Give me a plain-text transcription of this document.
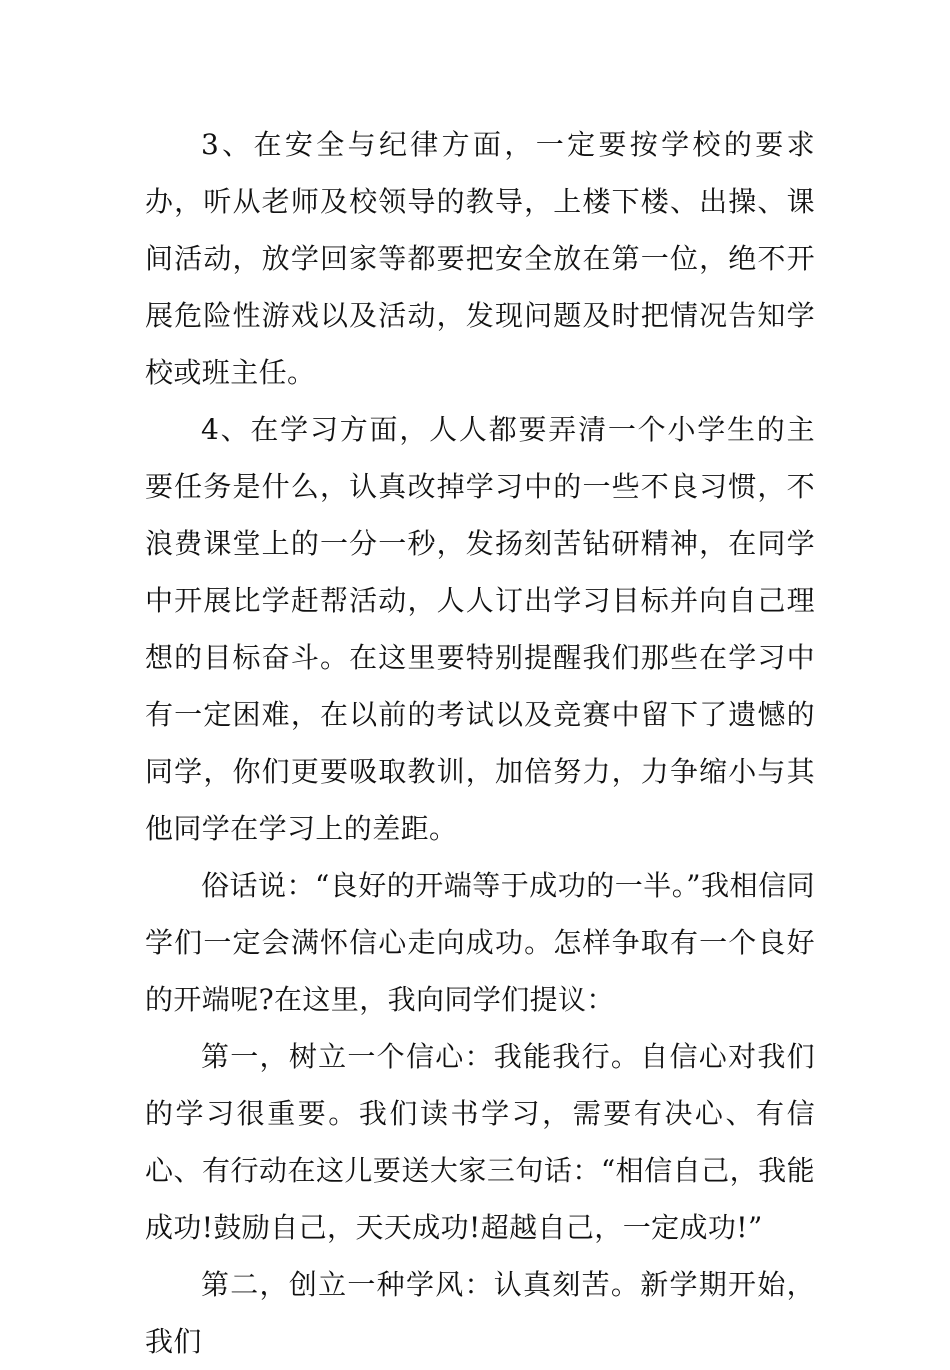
3、在安全与纪律方面，一定要按学校的要求办，听从老师及校领导的教导，上楼下楼、出操、课间活动，放学回家等都要把安全放在第一位，绝不开展危险性游戏以及活动，发现问题及时把情况告知学校或班主任。

4、在学习方面，人人都要弄清一个小学生的主要任务是什么，认真改掉学习中的一些不良习惯，不浪费课堂上的一分一秒，发扬刻苦钻研精神，在同学中开展比学赶帮活动，人人订出学习目标并向自己理想的目标奋斗。在这里要特别提醒我们那些在学习中有一定困难，在以前的考试以及竞赛中留下了遗憾的同学，你们更要吸取教训，加倍努力，力争缩小与其他同学在学习上的差距。

俗话说：“良好的开端等于成功的一半。”我相信同学们一定会满怀信心走向成功。怎样争取有一个良好的开端呢?在这里，我向同学们提议：

第一，树立一个信心：我能我行。自信心对我们的学习很重要。我们读书学习，需要有决心、有信心、有行动在这儿要送大家三句话：“相信自己，我能成功!鼓励自己，天天成功!超越自己，一定成功!”

第二，创立一种学风：认真刻苦。新学期开始，我们
